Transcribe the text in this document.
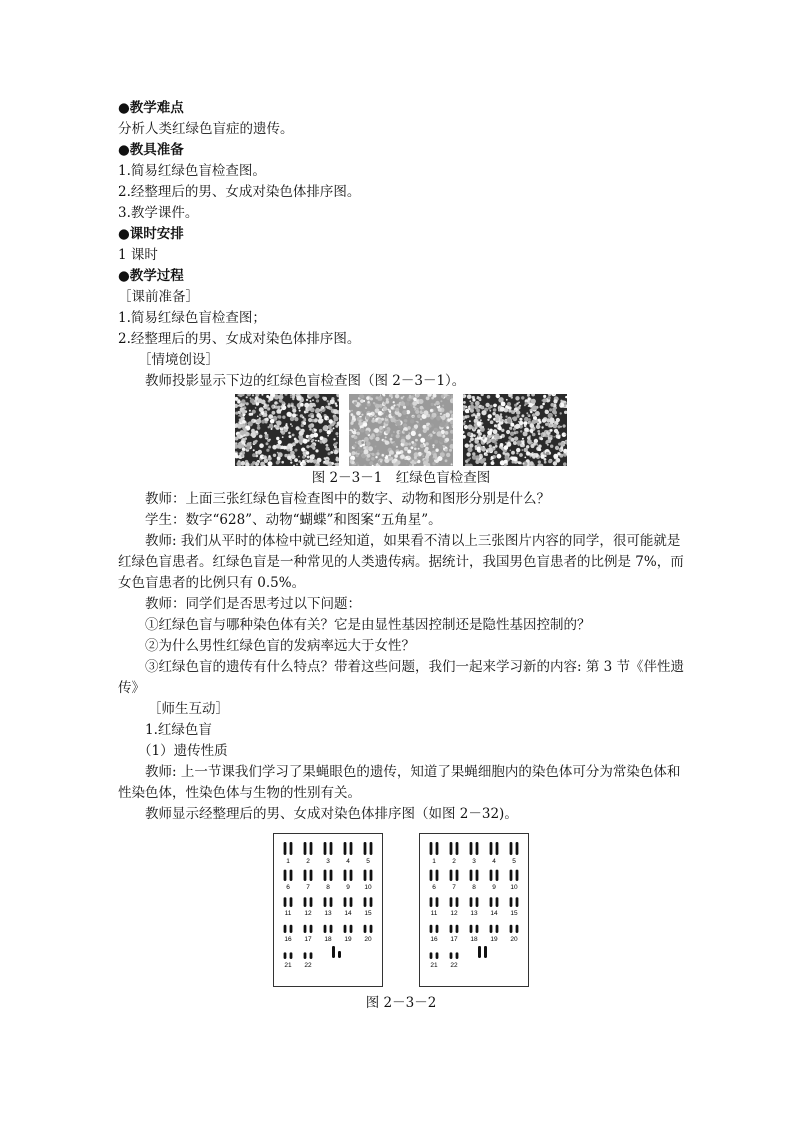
● 教学难点
分析人类红绿色盲症的遗传。
● 教具准备
1.简易红绿色盲检查图。
2.经整理后的男、女成对染色体排序图。
3.教学课件。
● 课时安排
1 课时
● 教学过程
［课前准备］
1.简易红绿色盲检查图；
2.经整理后的男、女成对染色体排序图。
［情境创设］
教师投影显示下边的红绿色盲检查图（图 2－3－1）。
图 2－3－1　红绿色盲检查图
教师：上面三张红绿色盲检查图中的数字、动物和图形分别是什么？
学生：数字“628”、动物“蝴蝶”和图案“五角星”。
教师: 我们从平时的体检中就已经知道，如果看不清以上三张图片内容的同学，很可能就是红绿色盲患者。红绿色盲是一种常见的人类遗传病。据统计，我国男色盲患者的比例是 7%，而女色盲患者的比例只有 0.5%。
教师：同学们是否思考过以下问题：
①红绿色盲与哪种染色体有关？它是由显性基因控制还是隐性基因控制的？
②为什么男性红绿色盲的发病率远大于女性？
③红绿色盲的遗传有什么特点？带着这些问题，我们一起来学习新的内容: 第 3 节《伴性遗传》
［师生互动］
1.红绿色盲
（1）遗传性质
教师: 上一节课我们学习了果蝇眼色的遗传，知道了果蝇细胞内的染色体可分为常染色体和性染色体，性染色体与生物的性别有关。
教师显示经整理后的男、女成对染色体排序图（如图 2－32)。
1	2	3	4	5
6	7	8	9 10
11 12 13 14 15
16 17 18 19 20
21 22
1	2	3	4	5
6	7	8	9 10
11 12 13 14 15
16 17 18 19 20
21 22
图 2－3－2
